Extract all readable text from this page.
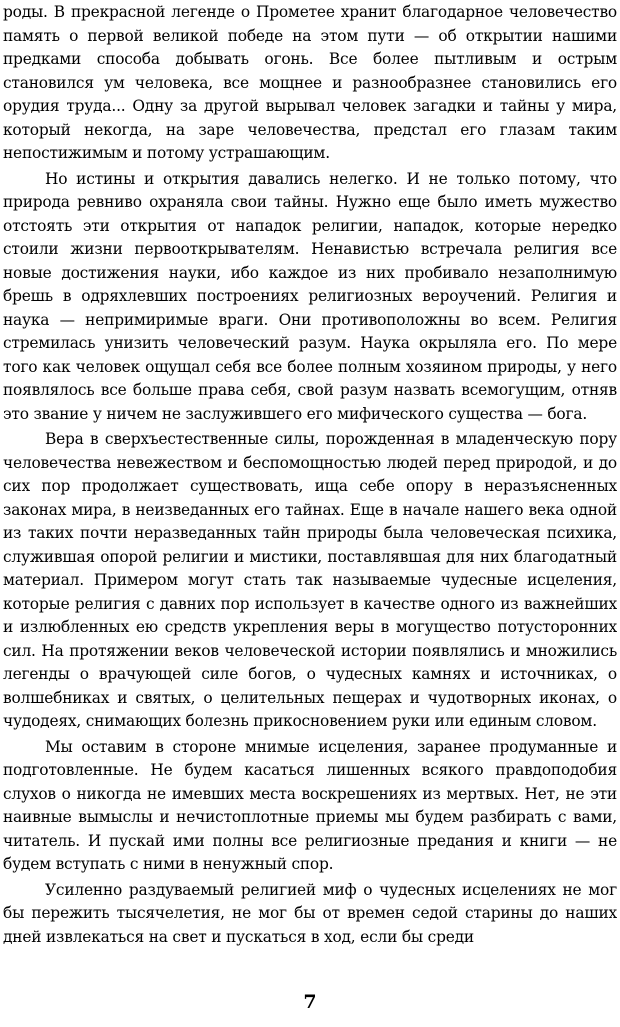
роды. В прекрасной легенде о Прометее хранит благодарное человечество память о первой великой победе на этом пути — об открытии нашими предками способа добывать огонь. Все более пытливым и острым становился ум человека, все мощнее и разнообразнее становились его орудия труда... Одну за другой вырывал человек загадки и тайны у мира, который некогда, на заре человечества, предстал его глазам таким непостижимым и потому устрашающим.

Но истины и открытия давались нелегко. И не только потому, что природа ревниво охраняла свои тайны. Нужно еще было иметь мужество отстоять эти открытия от нападок религии, нападок, которые нередко стоили жизни первооткрывателям. Ненавистью встречала религия все новые достижения науки, ибо каждое из них пробивало незаполнимую брешь в одряхлевших построениях религиозных вероучений. Религия и наука — непримиримые враги. Они противоположны во всем. Религия стремилась унизить человеческий разум. Наука окрыляла его. По мере того как человек ощущал себя все более полным хозяином природы, у него появлялось все больше права себя, свой разум назвать всемогущим, отняв это звание у ничем не заслужившего его мифического существа — бога.

Вера в сверхъестественные силы, порожденная в младенческую пору человечества невежеством и беспомощностью людей перед природой, и до сих пор продолжает существовать, ища себе опору в неразъясненных законах мира, в неизведанных его тайнах. Еще в начале нашего века одной из таких почти неразведанных тайн природы была человеческая психика, служившая опорой религии и мистики, поставлявшая для них благодатный материал. Примером могут стать так называемые чудесные исцеления, которые религия с давних пор использует в качестве одного из важнейших и излюбленных ею средств укрепления веры в могущество потусторонних сил. На протяжении веков человеческой истории появлялись и множились легенды о врачующей силе богов, о чудесных камнях и источниках, о волшебниках и святых, о целительных пещерах и чудотворных иконах, о чудодеях, снимающих болезнь прикосновением руки или единым словом.

Мы оставим в стороне мнимые исцеления, заранее продуманные и подготовленные. Не будем касаться лишенных всякого правдоподобия слухов о никогда не имевших места воскрешениях из мертвых. Нет, не эти наивные вымыслы и нечистоплотные приемы мы будем разбирать с вами, читатель. И пускай ими полны все религиозные предания и книги — не будем вступать с ними в ненужный спор.

Усиленно раздуваемый религией миф о чудесных исцелениях не мог бы пережить тысячелетия, не мог бы от времен седой старины до наших дней извлекаться на свет и пускаться в ход, если бы среди

7
